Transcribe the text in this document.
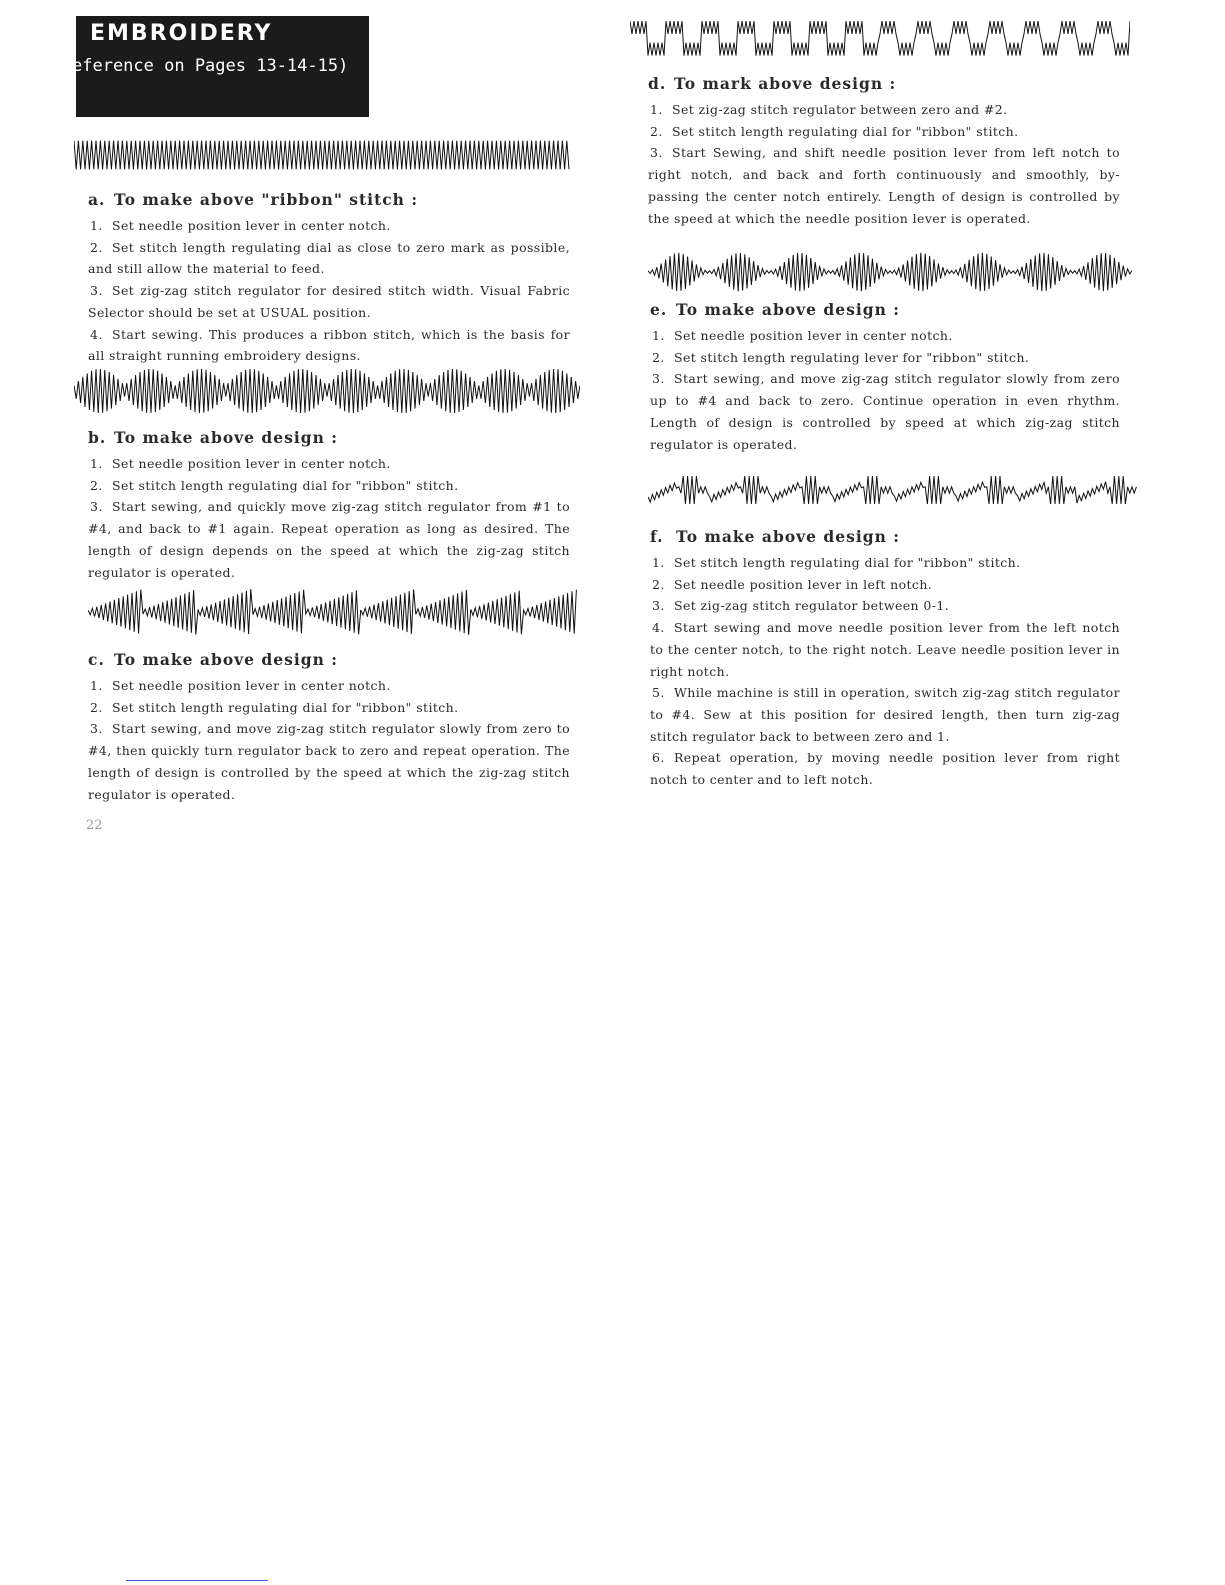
EMBROIDERY
eference on Pages 13-14-15)
a. To make above "ribbon" stitch :

1. Set needle position lever in center notch.

2. Set stitch length regulating dial as close to zero mark as possible, and still allow the material to feed.

3. Set zig-zag stitch regulator for desired stitch width. Visual Fabric Selector should be set at USUAL position.

4. Start sewing. This produces a ribbon stitch, which is the basis for all straight running embroidery designs.

b. To make above design :

1. Set needle position lever in center notch.

2. Set stitch length regulating dial for "ribbon" stitch.

3. Start sewing, and quickly move zig-zag stitch regulator from #1 to #4, and back to #1 again. Repeat operation as long as desired. The length of design depends on the speed at which the zig-zag stitch regulator is operated.

c. To make above design :

1. Set needle position lever in center notch.

2. Set stitch length regulating dial for "ribbon" stitch.

3. Start sewing, and move zig-zag stitch regulator slowly from zero to #4, then quickly turn regulator back to zero and repeat operation. The length of design is controlled by the speed at which the zig-zag stitch regulator is operated.

22
d. To mark above design :

1. Set zig-zag stitch regulator between zero and #2.

2. Set stitch length regulating dial for "ribbon" stitch.

3. Start Sewing, and shift needle position lever from left notch to right notch, and back and forth continuously and smoothly, by-passing the center notch entirely. Length of design is controlled by the speed at which the needle position lever is operated.

e. To make above design :

1. Set needle position lever in center notch.

2. Set stitch length regulating lever for "ribbon" stitch.

3. Start sewing, and move zig-zag stitch regulator slowly from zero up to #4 and back to zero. Continue operation in even rhythm. Length of design is controlled by speed at which zig-zag stitch regulator is operated.

f. To make above design :

1. Set stitch length regulating dial for "ribbon" stitch.

2. Set needle position lever in left notch.

3. Set zig-zag stitch regulator between 0-1.

4. Start sewing and move needle position lever from the left notch to the center notch, to the right notch. Leave needle position lever in right notch.

5. While machine is still in operation, switch zig-zag stitch regulator to #4. Sew at this position for desired length, then turn zig-zag stitch regulator back to between zero and 1.

6. Repeat operation, by moving needle position lever from right notch to center and to left notch.
